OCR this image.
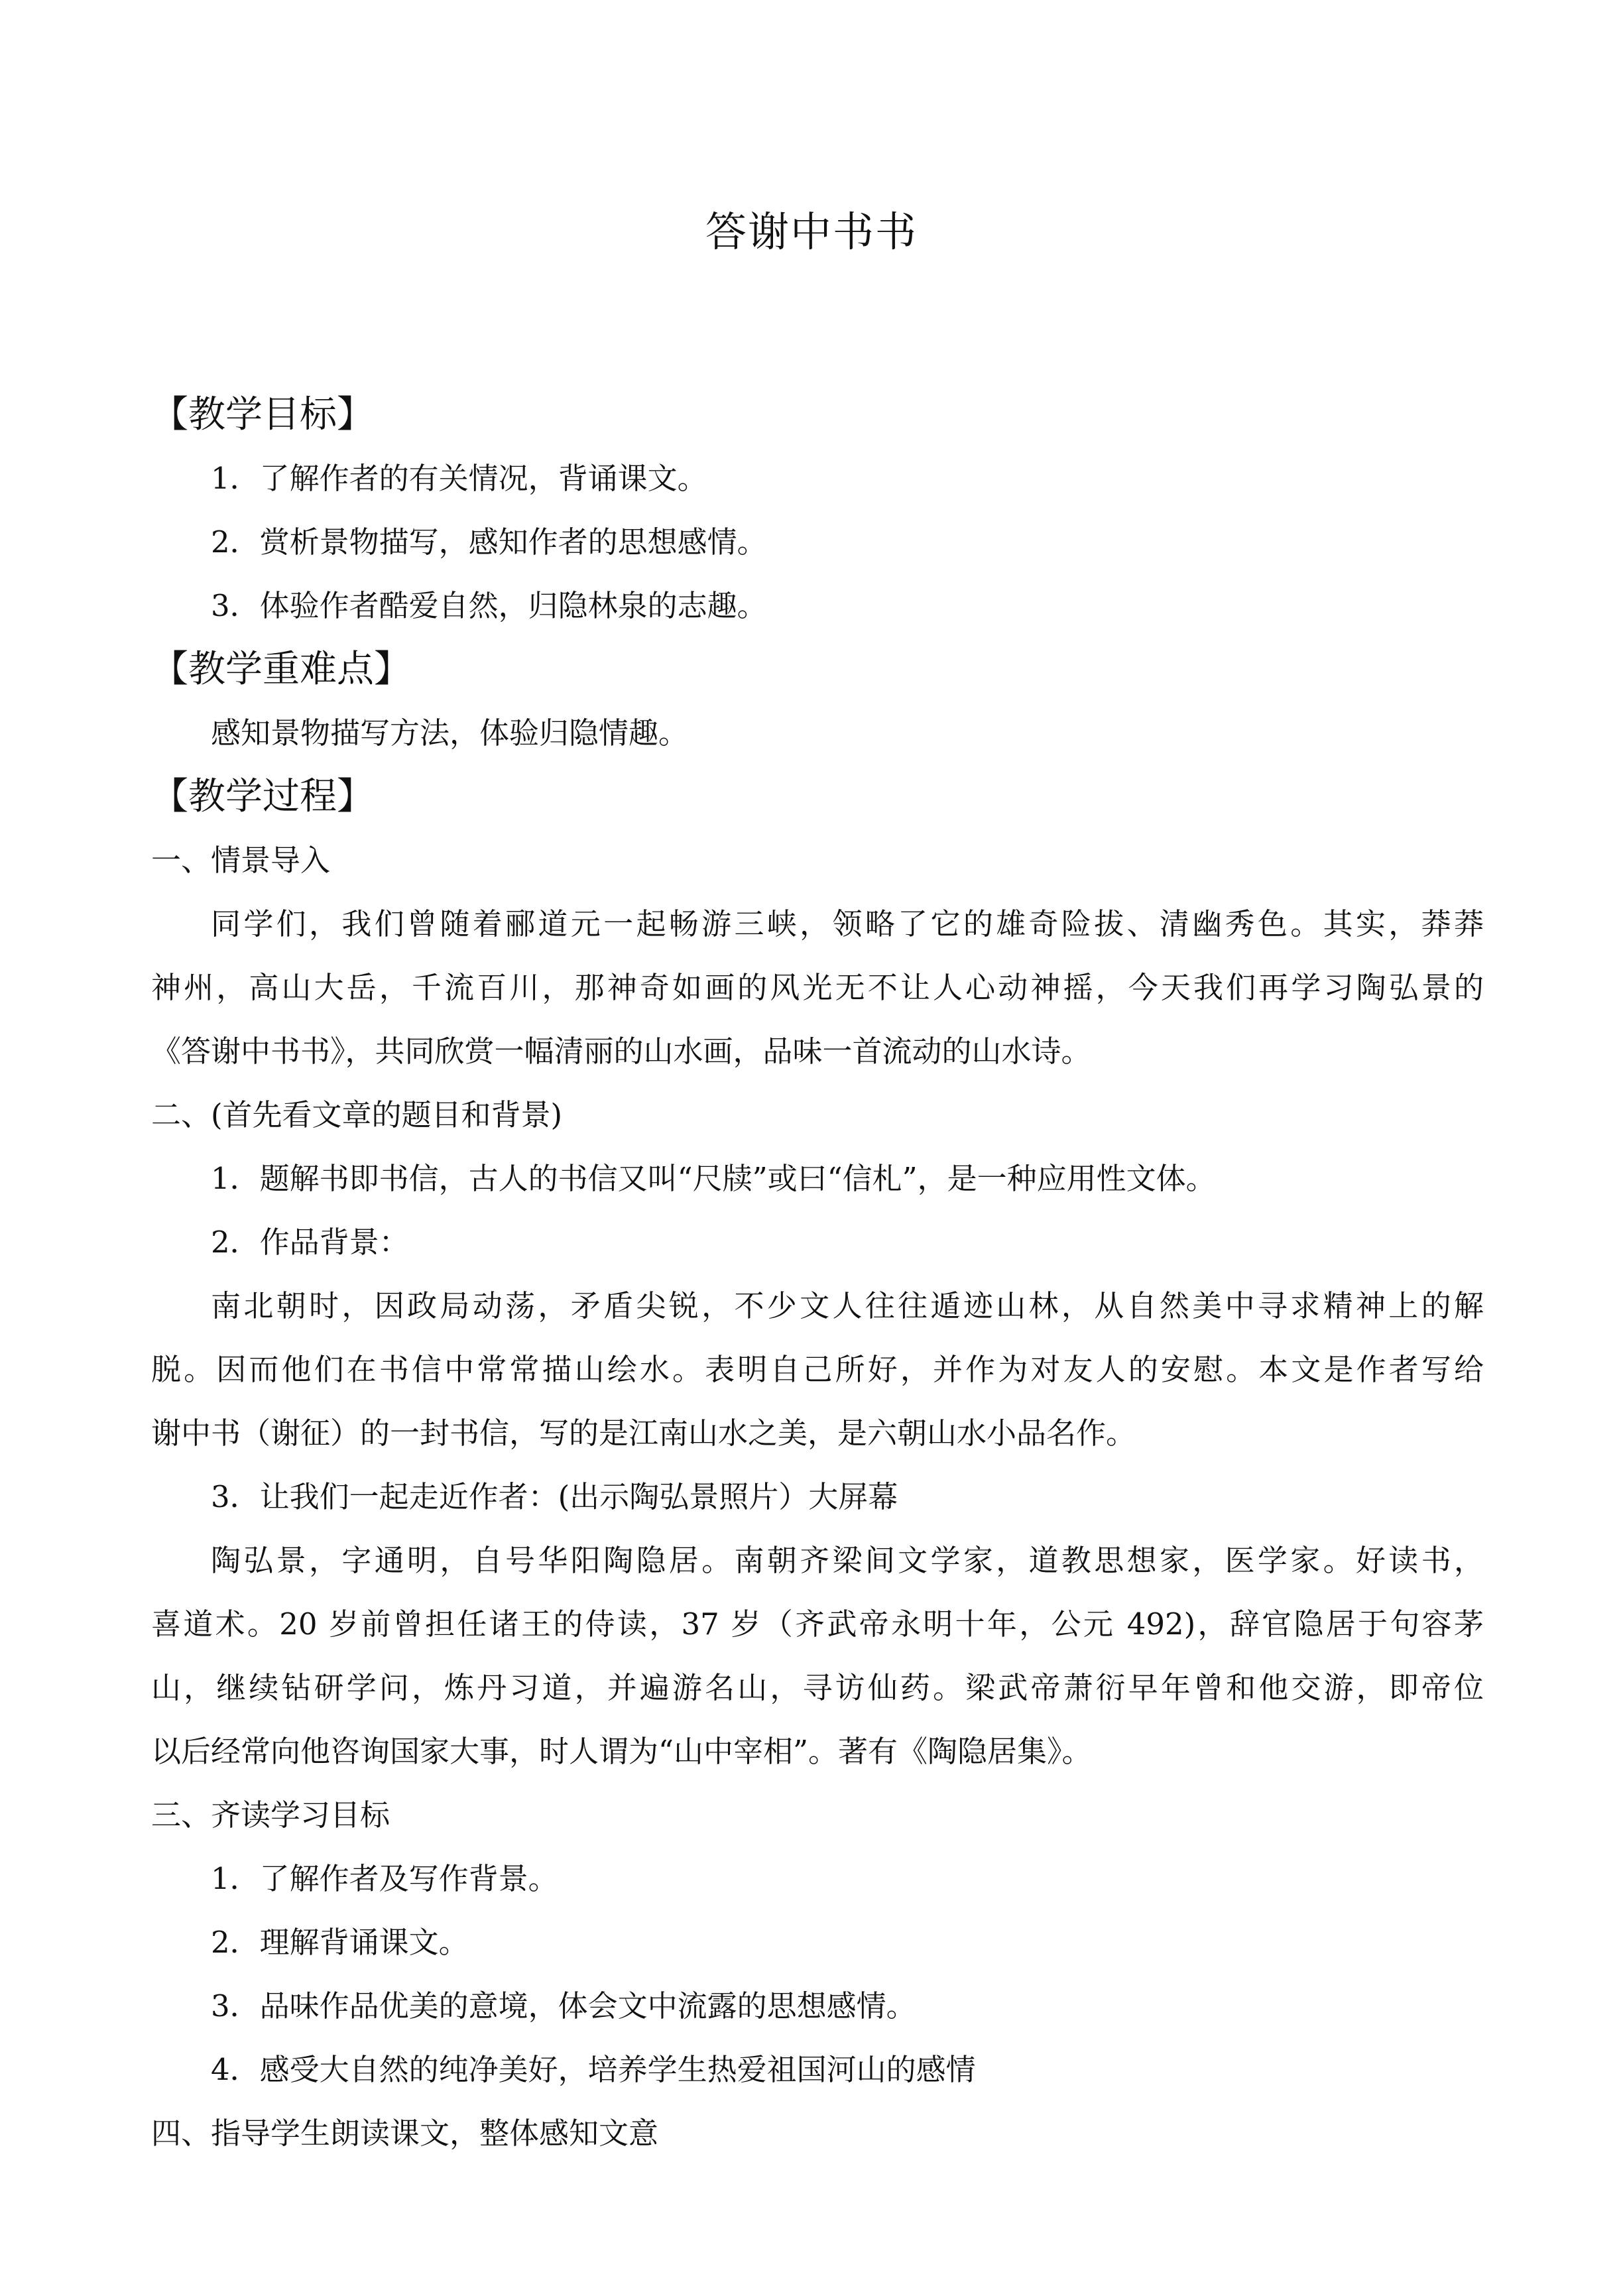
答谢中书书
【教学目标】

1．了解作者的有关情况，背诵课文。

2．赏析景物描写，感知作者的思想感情。

3．体验作者酷爱自然，归隐林泉的志趣。

【教学重难点】

感知景物描写方法，体验归隐情趣。

【教学过程】

一、情景导入

同学们，我们曾随着郦道元一起畅游三峡，领略了它的雄奇险拔、清幽秀色。其实，莽莽

神州，高山大岳，千流百川，那神奇如画的风光无不让人心动神摇，今天我们再学习陶弘景的

《答谢中书书》，共同欣赏一幅清丽的山水画，品味一首流动的山水诗。

二、(首先看文章的题目和背景)

1．题解书即书信，古人的书信又叫“尺牍”或曰“信札”，是一种应用性文体。

2．作品背景：

南北朝时，因政局动荡，矛盾尖锐，不少文人往往遁迹山林，从自然美中寻求精神上的解

脱。因而他们在书信中常常描山绘水。表明自己所好，并作为对友人的安慰。本文是作者写给

谢中书（谢征）的一封书信，写的是江南山水之美，是六朝山水小品名作。

3．让我们一起走近作者：(出示陶弘景照片）大屏幕

陶弘景，字通明，自号华阳陶隐居。南朝齐梁间文学家，道教思想家，医学家。好读书，

喜道术。20 岁前曾担任诸王的侍读，37 岁（齐武帝永明十年，公元 492)，辞官隐居于句容茅

山，继续钻研学问，炼丹习道，并遍游名山，寻访仙药。梁武帝萧衍早年曾和他交游，即帝位

以后经常向他咨询国家大事，时人谓为“山中宰相”。著有《陶隐居集》。

三、齐读学习目标

1．了解作者及写作背景。

2．理解背诵课文。

3．品味作品优美的意境，体会文中流露的思想感情。

4．感受大自然的纯净美好，培养学生热爱祖国河山的感情

四、指导学生朗读课文，整体感知文意
